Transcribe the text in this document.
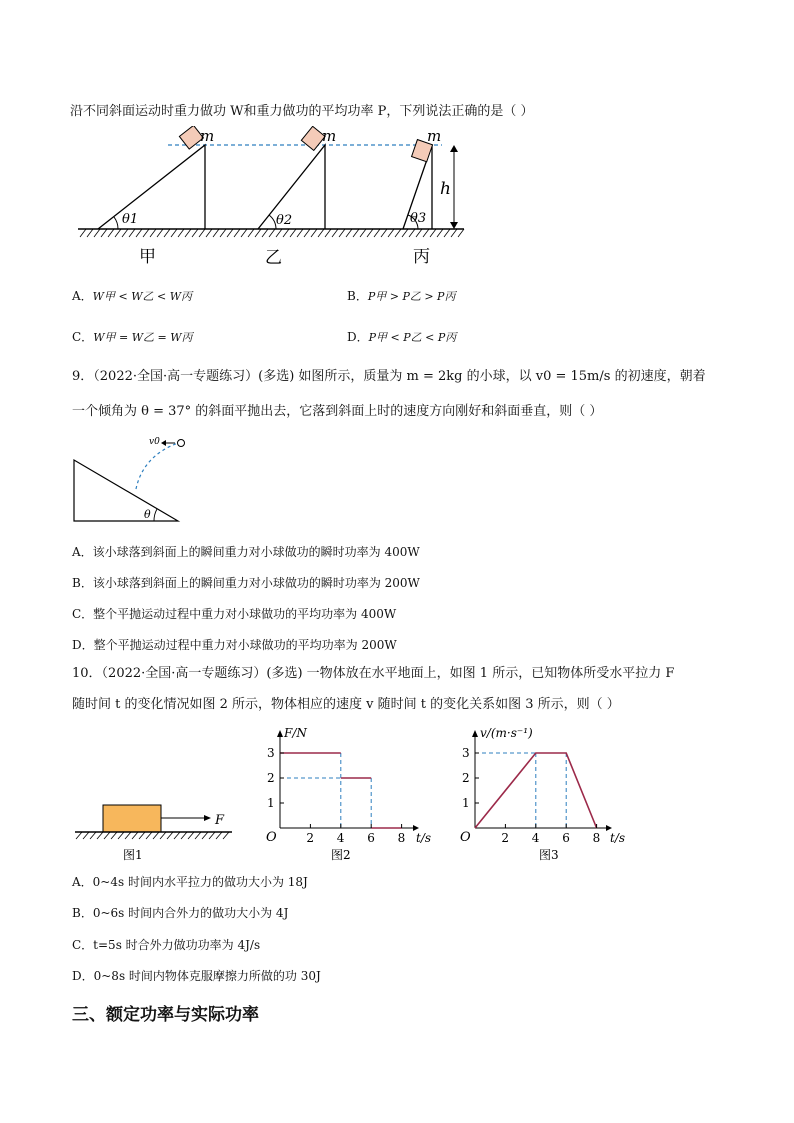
沿不同斜面运动时重力做功 W和重力做功的平均功率 P，下列说法正确的是（ ）
m	m	m
h
θ1	θ2	θ3
甲	乙	丙
A．W甲 < W乙 < W丙	B．P甲 > P乙 > P丙
C．W甲 = W乙 = W丙	D．P甲 < P乙 < P丙
9．（2022·全国·高一专题练习）(多选) 如图所示，质量为 m = 2kg 的小球，以 v0 = 15m/s 的初速度，朝着
一个倾角为 θ = 37° 的斜面平抛出去，它落到斜面上时的速度方向刚好和斜面垂直，则（ ）
v0
θ
A．该小球落到斜面上的瞬间重力对小球做功的瞬时功率为 400W
B．该小球落到斜面上的瞬间重力对小球做功的瞬时功率为 200W
C．整个平抛运动过程中重力对小球做功的平均功率为 400W
D．整个平抛运动过程中重力对小球做功的平均功率为 200W
10．（2022·全国·高一专题练习）(多选) 一物体放在水平地面上，如图 1 所示，已知物体所受水平拉力 F
随时间 t 的变化情况如图 2 所示，物体相应的速度 v 随时间 t 的变化关系如图 3 所示，则（ ）
F
图1
2 4 6 8
1
2
3
F/N
t/s
O
图2
2 4 6 8
1
2
3
v/(m·s⁻¹)
t/s
O
图3
A．0~4s 时间内水平拉力的做功大小为 18J
B．0~6s 时间内合外力的做功大小为 4J
C．t=5s 时合外力做功功率为 4J/s
D．0~8s 时间内物体克服摩擦力所做的功 30J
三、额定功率与实际功率
